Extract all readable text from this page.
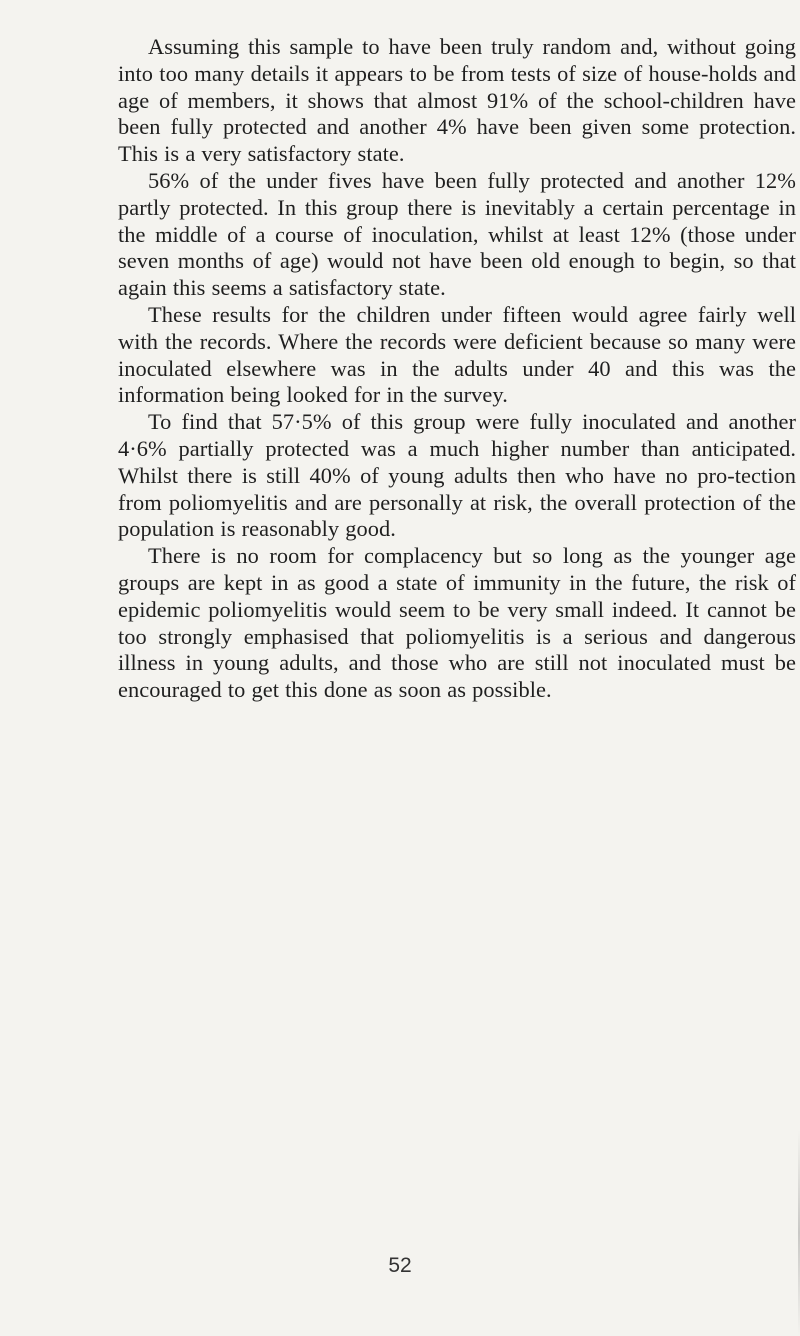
Assuming this sample to have been truly random and, without going into too many details it appears to be from tests of size of house-holds and age of members, it shows that almost 91% of the school-children have been fully protected and another 4% have been given some protection. This is a very satisfactory state.

56% of the under fives have been fully protected and another 12% partly protected. In this group there is inevitably a certain percentage in the middle of a course of inoculation, whilst at least 12% (those under seven months of age) would not have been old enough to begin, so that again this seems a satisfactory state.

These results for the children under fifteen would agree fairly well with the records. Where the records were deficient because so many were inoculated elsewhere was in the adults under 40 and this was the information being looked for in the survey.

To find that 57·5% of this group were fully inoculated and another 4·6% partially protected was a much higher number than anticipated. Whilst there is still 40% of young adults then who have no pro-tection from poliomyelitis and are personally at risk, the overall protection of the population is reasonably good.

There is no room for complacency but so long as the younger age groups are kept in as good a state of immunity in the future, the risk of epidemic poliomyelitis would seem to be very small indeed. It cannot be too strongly emphasised that poliomyelitis is a serious and dangerous illness in young adults, and those who are still not inoculated must be encouraged to get this done as soon as possible.

52
